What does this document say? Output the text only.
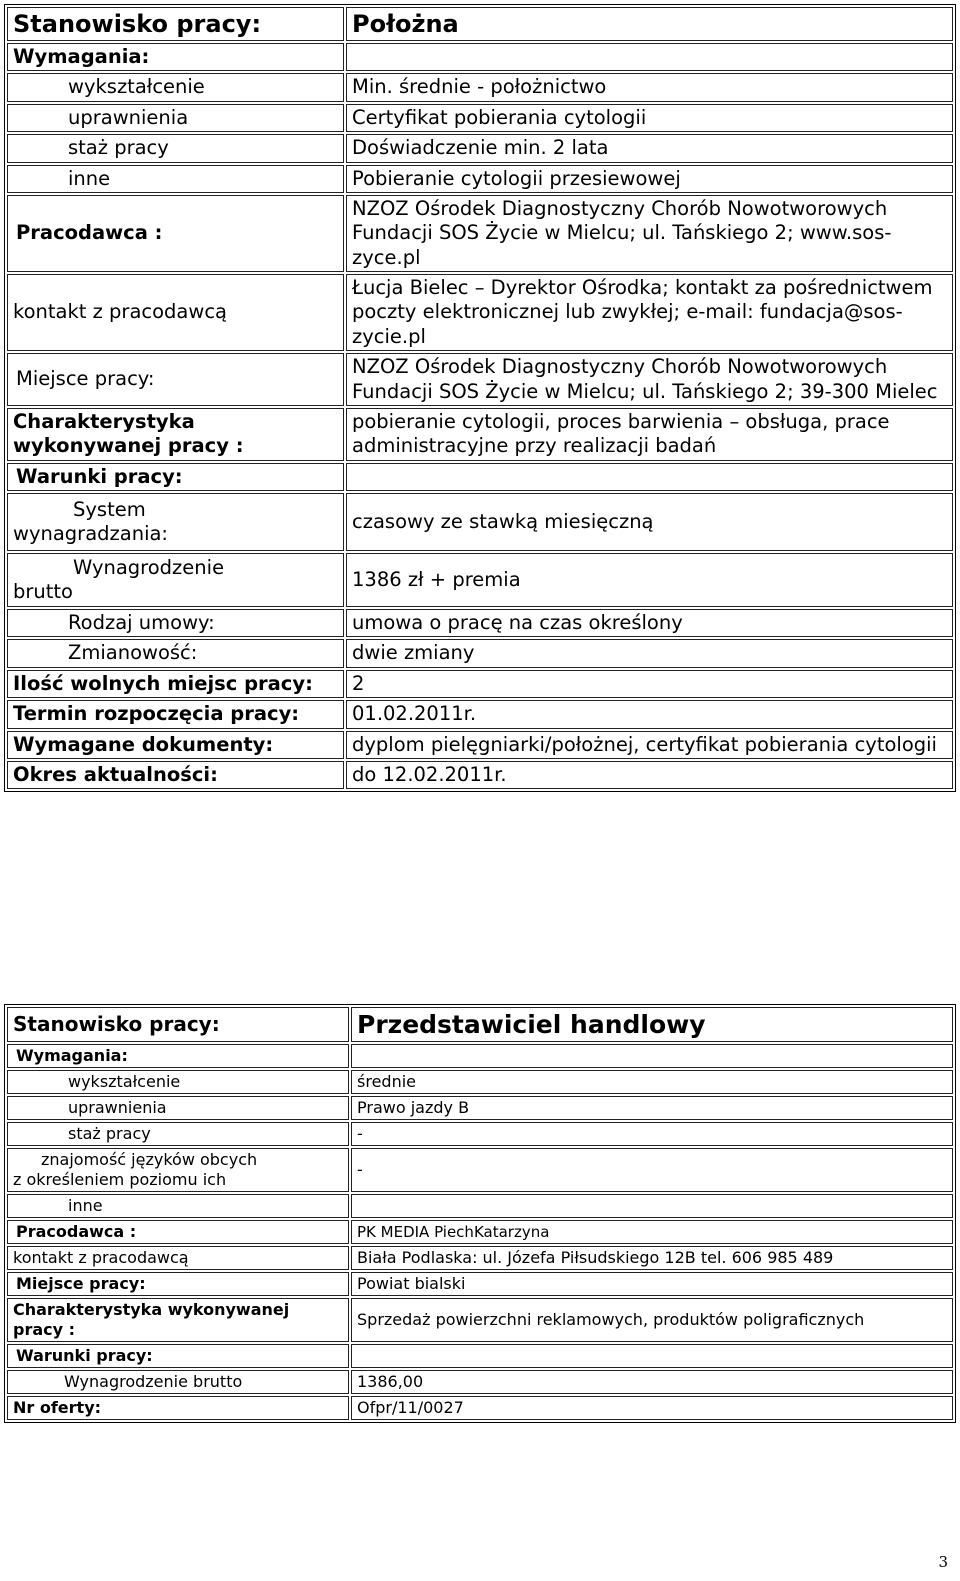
Stanowisko pracy:	Położna
Wymagania:	
wykształcenie	Min. średnie - położnictwo
uprawnienia	Certyfikat pobierania cytologii
staż pracy	Doświadczenie min. 2 lata
inne	Pobieranie cytologii przesiewowej
Pracodawca :	NZOZ Ośrodek Diagnostyczny Chorób Nowotworowych Fundacji SOS Życie w Mielcu; ul. Tańskiego 2; www.sos-zyce.pl
kontakt z pracodawcą	Łucja Bielec – Dyrektor Ośrodka; kontakt za pośrednictwem poczty elektronicznej lub zwykłej; e-mail: fundacja@sos-zycie.pl
Miejsce pracy:	NZOZ Ośrodek Diagnostyczny Chorób Nowotworowych Fundacji SOS Życie w Mielcu; ul. Tańskiego 2; 39-300 Mielec
Charakterystyka wykonywanej pracy :	pobieranie cytologii, proces barwienia – obsługa, prace administracyjne przy realizacji badań
Warunki pracy:	

System
wynagradzania:	czasowy ze stawką miesięczną

Wynagrodzenie
brutto	1386 zł + premia
Rodzaj umowy:	umowa o pracę na czas określony
Zmianowość:	dwie zmiany
Ilość wolnych miejsc pracy:	2
Termin rozpoczęcia pracy:	01.02.2011r.
Wymagane dokumenty:	dyplom pielęgniarki/położnej, certyfikat pobierania cytologii
Okres aktualności:	do 12.02.2011r.
Stanowisko pracy:	Przedstawiciel handlowy
Wymagania:	
wykształcenie	średnie
uprawnienia	Prawo jazdy B
staż pracy	-

znajomość języków obcych
z określeniem poziomu ich	-
inne	
Pracodawca :	PK MEDIA PiechKatarzyna
kontakt z pracodawcą	Biała Podlaska: ul. Józefa Piłsudskiego 12B tel. 606 985 489
Miejsce pracy:	Powiat bialski
Charakterystyka wykonywanej pracy :	Sprzedaż powierzchni reklamowych, produktów poligraficznych
Warunki pracy:	
Wynagrodzenie brutto	1386,00
Nr oferty:	Ofpr/11/0027
3
